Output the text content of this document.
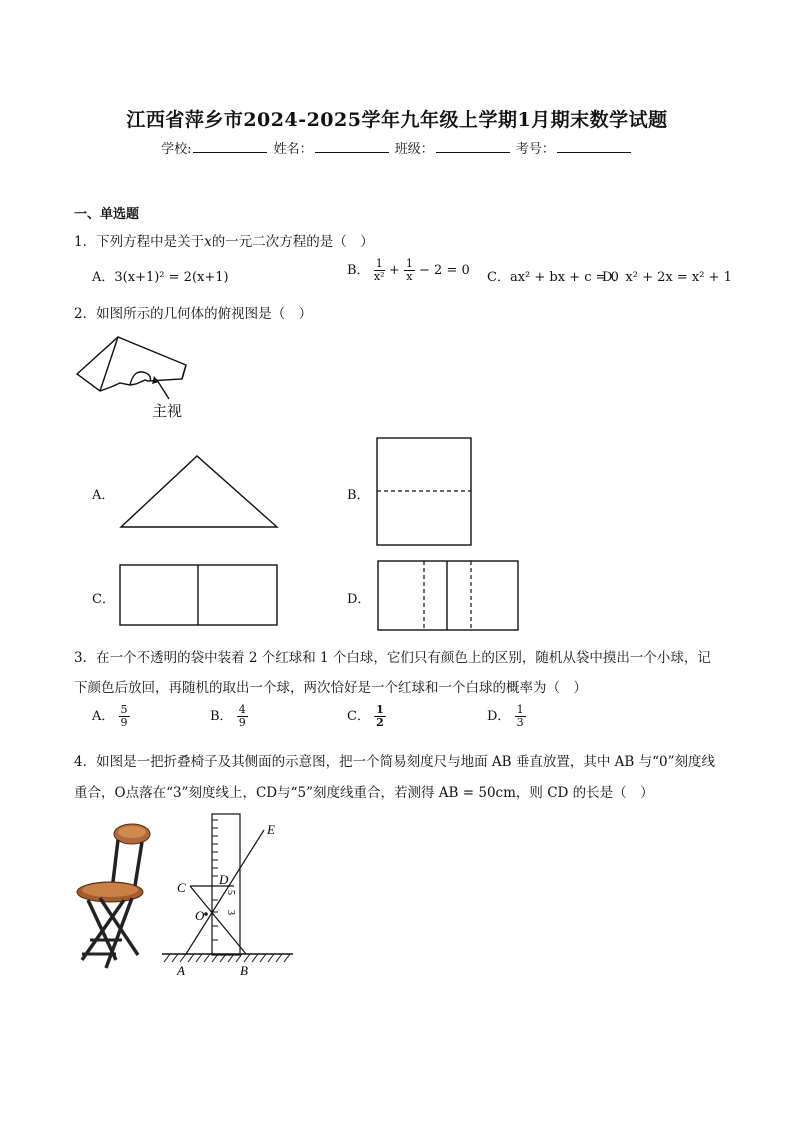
江西省萍乡市2024-2025学年九年级上学期1月期末数学试题
学校:	姓名：	班级：	考号：
一、单选题
1．下列方程中是关于x的一元二次方程的是（　）
A．3(x+1)² = 2(x+1)	B． $\frac{1}{\text{x²}} + \frac{1}{x} - 2 = 0$ C．ax² + bx + c = 0
D．x² + 2x = x² + 1
2．如图所示的几何体的俯视图是（　）
主视
A．	B．
C．	D．
3．在一个不透明的袋中装着 2 个红球和 1 个白球，它们只有颜色上的区别，随机从袋中摸出一个小球，记
下颜色后放回，再随机的取出一个球，两次恰好是一个红球和一个白球的概率为（　）
A． $\frac{5}{9}$	B． $\frac{4}{9}$	C． $\frac{1}{2}$	D． $\frac{1}{3}$
4．如图是一把折叠椅子及其侧面的示意图，把一个简易刻度尺与地面 AB 垂直放置，其中 AB 与“0”刻度线
重合，O点落在“3”刻度线上，CD与“5”刻度线重合，若测得 AB = 50cm，则 CD 的长是（　）
E
C
D
O
A	B
5
3
